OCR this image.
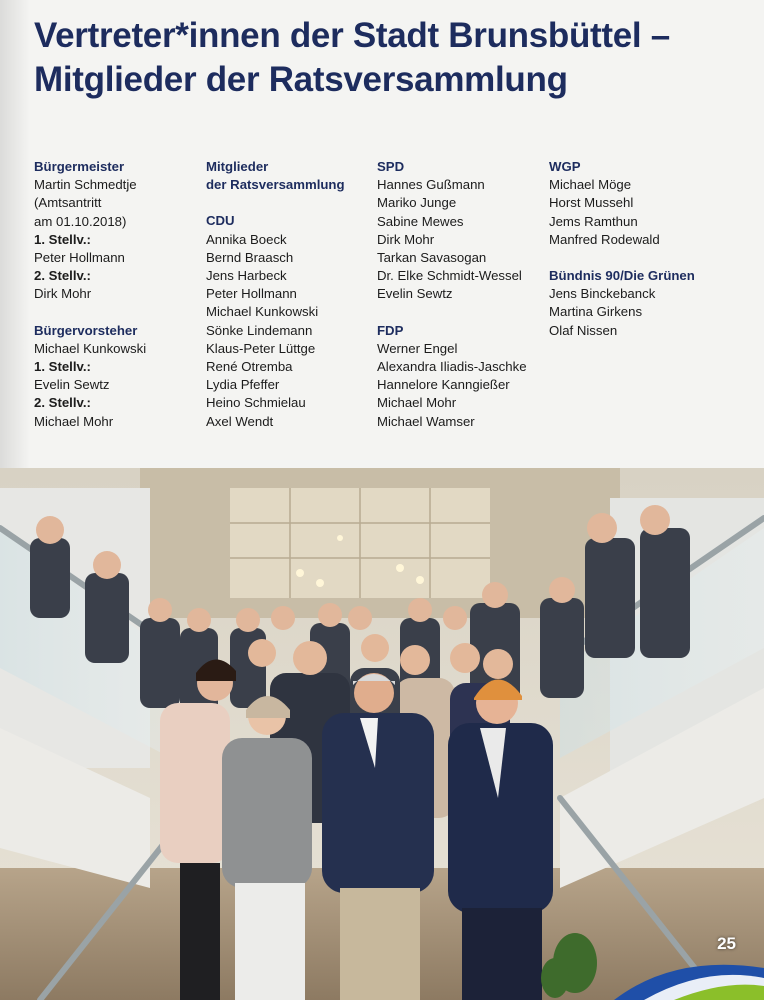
Vertreter*innen der Stadt Brunsbüttel –
Mitglieder der Ratsversammlung
Bürgermeister
Martin Schmedtje
(Amtsantritt
am 01.10.2018)
1. Stellv.:
Peter Hollmann
2. Stellv.:
Dirk Mohr
Bürgervorsteher
Michael Kunkowski
1. Stellv.:
Evelin Sewtz
2. Stellv.:
Michael Mohr
Mitglieder
der Ratsversammlung
CDU
Annika Boeck
Bernd Braasch
Jens Harbeck
Peter Hollmann
Michael Kunkowski
Sönke Lindemann
Klaus-Peter Lüttge
René Otremba
Lydia Pfeffer
Heino Schmielau
Axel Wendt
SPD
Hannes Gußmann
Mariko Junge
Sabine Mewes
Dirk Mohr
Tarkan Savasogan
Dr. Elke Schmidt-Wessel
Evelin Sewtz
FDP
Werner Engel
Alexandra Iliadis-Jaschke
Hannelore Kanngießer
Michael Mohr
Michael Wamser
WGP
Michael Möge
Horst Mussehl
Jems Ramthun
Manfred Rodewald
Bündnis 90/Die Grünen
Jens Binckebanck
Martina Girkens
Olaf Nissen
25
